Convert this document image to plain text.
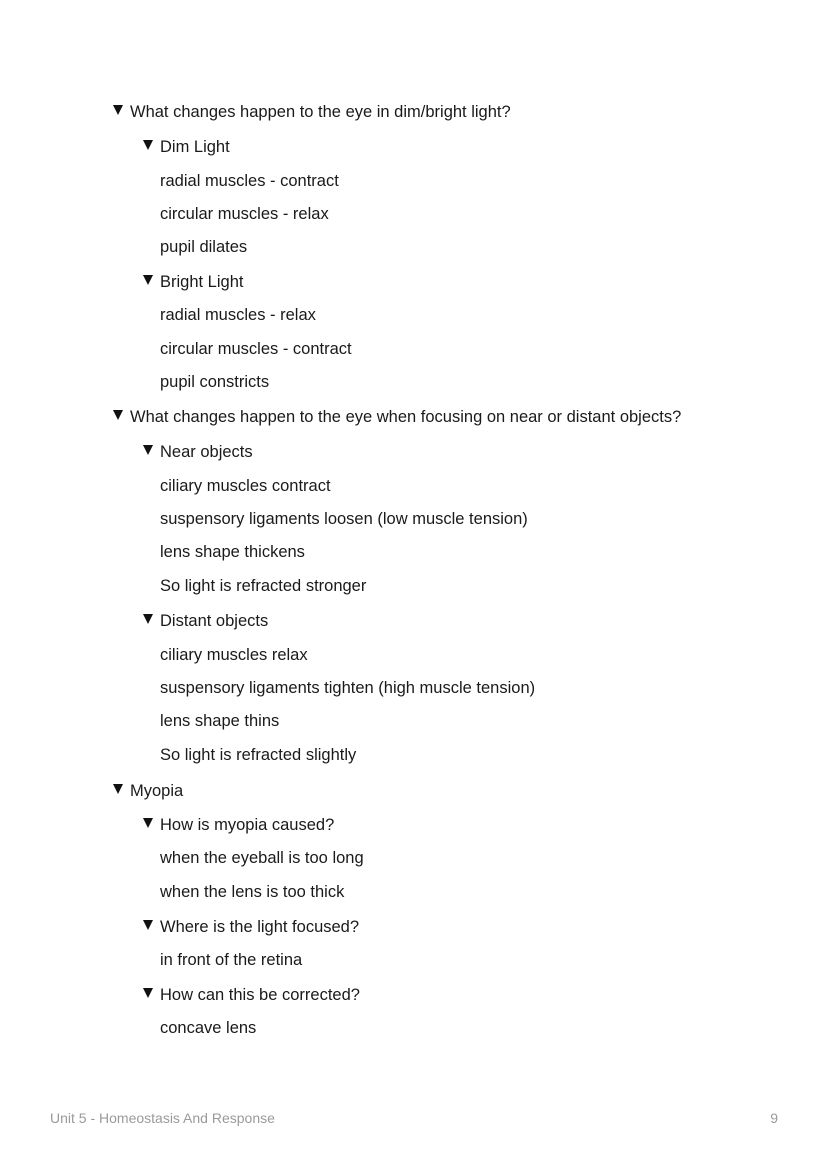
What changes happen to the eye in dim/bright light?
Dim Light
radial muscles - contract
circular muscles - relax
pupil dilates
Bright Light
radial muscles - relax
circular muscles - contract
pupil constricts
What changes happen to the eye when focusing on near or distant objects?
Near objects
ciliary muscles contract
suspensory ligaments loosen (low muscle tension)
lens shape thickens
So light is refracted stronger
Distant objects
ciliary muscles relax
suspensory ligaments tighten (high muscle tension)
lens shape thins
So light is refracted slightly
Myopia
How is myopia caused?
when the eyeball is too long
when the lens is too thick
Where is the light focused?
in front of the retina
How can this be corrected?
concave lens
Unit 5 - Homeostasis And Response	9
